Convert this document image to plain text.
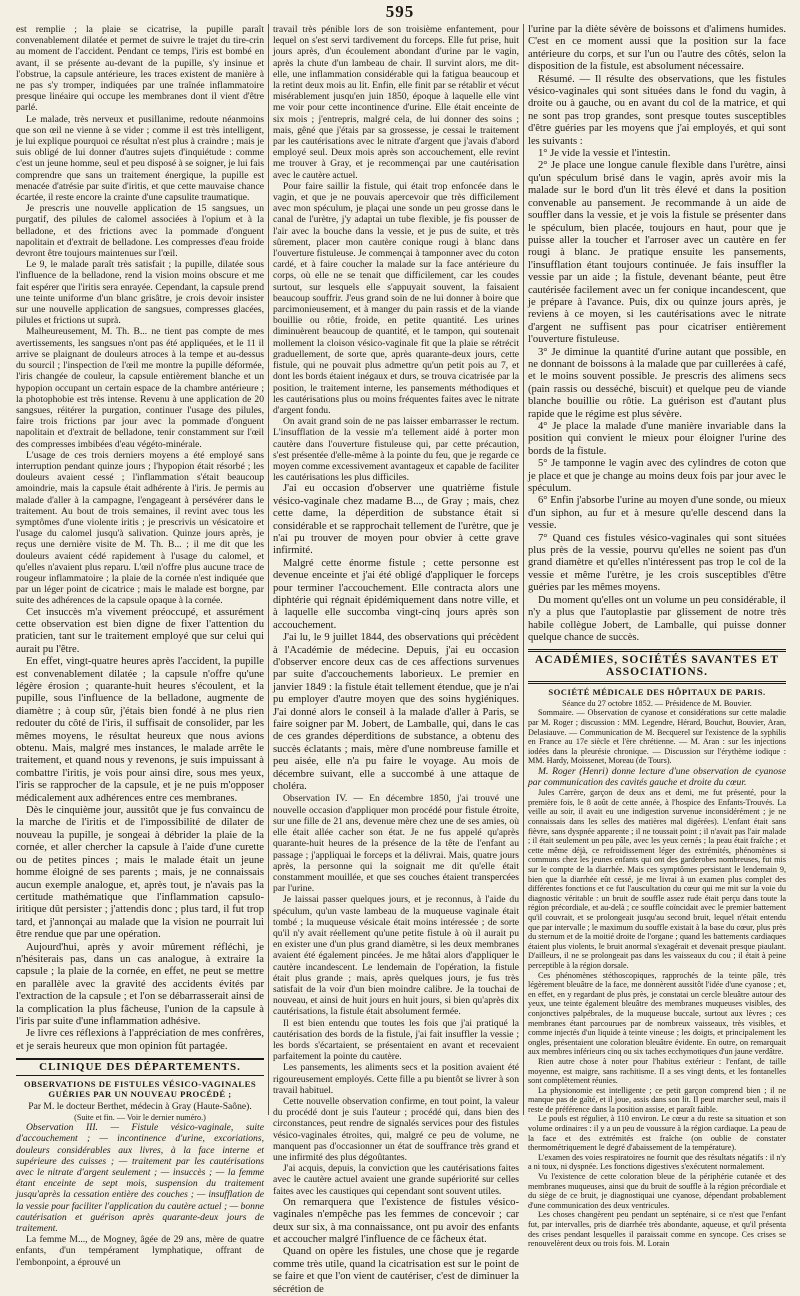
595

est remplie ; la plaie se cicatrise, la pupille paraît convenablement dilatée et permet de suivre le trajet du tire-crin au moment de l'accident. Pendant ce temps, l'iris est bombé en avant, il se présente au-devant de la pupille, s'y insinue et l'obstrue, la capsule antérieure, les traces existent de manière à ne pas s'y tromper, indiquées par une traînée inflammatoire presque linéaire qui occupe les membranes dont il vient d'être parlé.

Le malade, très nerveux et pusillanime, redoute néanmoins que son œil ne vienne à se vider ; comme il est très intelligent, je lui explique pourquoi ce résultat n'est plus à craindre ; mais je suis obligé de lui donner d'autres sujets d'inquiétude : comme c'est un jeune homme, seul et peu disposé à se soigner, je lui fais comprendre que sans un traitement énergique, la pupille est menacée d'atrésie par suite d'iritis, et que cette mauvaise chance écartée, il reste encore la crainte d'une capsulite traumatique.

Je prescris une nouvelle application de 15 sangsues, un purgatif, des pilules de calomel associées à l'opium et à la belladone, et des frictions avec la pommade d'onguent napolitain et d'extrait de belladone. Les compresses d'eau froide devront être toujours maintenues sur l'œil.

Le 9, le malade paraît très satisfait ; la pupille, dilatée sous l'influence de la belladone, rend la vision moins obscure et me fait espérer que l'iritis sera enrayée. Cependant, la capsule prend une teinte uniforme d'un blanc grisâtre, je crois devoir insister sur une nouvelle application de sangsues, compresses glacées, pilules et frictions ut suprà.

Malheureusement, M. Th. B... ne tient pas compte de mes avertissements, les sangsues n'ont pas été appliquées, et le 11 il arrive se plaignant de douleurs atroces à la tempe et au-dessus du sourcil ; l'inspection de l'œil me montre la pupille déformée, l'iris changée de couleur, la capsule entièrement blanche et un hypopion occupant un certain espace de la chambre antérieure ; la photophobie est très intense. Revenu à une application de 20 sangsues, réitérer la purgation, continuer l'usage des pilules, faire trois frictions par jour avec la pommade d'onguent napolitain et d'extrait de belladone, tenir constamment sur l'œil des compresses imbibées d'eau végéto-minérale.

L'usage de ces trois derniers moyens a été employé sans interruption pendant quinze jours ; l'hypopion était résorbé ; les douleurs avaient cessé ; l'inflammation s'était beaucoup amoindrie, mais la capsule était adhérente à l'iris. Je permis au malade d'aller à la campagne, l'engageant à persévérer dans le traitement. Au bout de trois semaines, il revint avec tous les symptômes d'une violente iritis ; je prescrivis un vésicatoire et l'usage du calomel jusqu'à salivation. Quinze jours après, je reçus une dernière visite de M. Th. B... ; il me dit que les douleurs avaient cédé rapidement à l'usage du calomel, et qu'elles n'avaient plus reparu. L'œil n'offre plus aucune trace de rougeur inflammatoire ; la plaie de la cornée n'est indiquée que par un léger point de cicatrice ; mais le malade est borgne, par suite des adhérences de la capsule opaque à la cornée.

Cet insuccès m'a vivement préoccupé, et assurément cette observation est bien digne de fixer l'attention du praticien, tant sur le traitement employé que sur celui qui aurait pu l'être.

En effet, vingt-quatre heures après l'accident, la pupille est convenablement dilatée ; la capsule n'offre qu'une légère érosion ; quarante-huit heures s'écoulent, et la pupille, sous l'influence de la belladone, augmente de diamètre ; à coup sûr, j'étais bien fondé à ne plus rien redouter du côté de l'iris, il suffisait de consolider, par les mêmes moyens, le résultat heureux que nous avions obtenu. Mais, malgré mes instances, le malade arrête le traitement, et quand nous y revenons, je suis impuissant à combattre l'iritis, je vois pour ainsi dire, sous mes yeux, l'iris se rapprocher de la capsule, et je ne puis m'opposer médicalement aux adhérences entre ces membranes.

Dès le cinquième jour, aussitôt que je fus convaincu de la marche de l'iritis et de l'impossibilité de dilater de nouveau la pupille, je songeai à débrider la plaie de la cornée, et aller chercher la capsule à l'aide d'une curette ou de petites pinces ; mais le malade était un jeune homme éloigné de ses parents ; mais, je ne connaissais aucun exemple analogue, et, après tout, je n'avais pas la certitude mathématique que l'inflammation capsulo-iritique dût persister ; j'attendis donc ; plus tard, il fut trop tard, et j'annonçai au malade que la vision ne pourrait lui être rendue que par une opération.

Aujourd'hui, après y avoir mûrement réfléchi, je n'hésiterais pas, dans un cas analogue, à extraire la capsule ; la plaie de la cornée, en effet, ne peut se mettre en parallèle avec la gravité des accidents évités par l'extraction de la capsule ; et l'on se débarrasserait ainsi de la complication la plus fâcheuse, l'union de la capsule à l'iris par suite d'une inflammation adhésive.

Je livre ces réflexions à l'appréciation de mes confrères, et je serais heureux que mon opinion fût partagée.

CLINIQUE DES DÉPARTEMENTS.
OBSERVATIONS DE FISTULES VÉSICO-VAGINALES GUÉRIES PAR UN NOUVEAU PROCÉDÉ ;

Par M. le docteur Berthet, médecin à Gray (Haute-Saône).

(Suite et fin. — Voir le dernier numéro.)

Observation III. — Fistule vésico-vaginale, suite d'accouchement ; — incontinence d'urine, excoriations, douleurs considérables aux livres, à la face interne et supérieure des cuisses ; — traitement par les cautérisations avec le nitrate d'argent seulement ; — insuccès ; — la femme étant enceinte de sept mois, suspension du traitement jusqu'après la cessation entière des couches ; — insufflation de la vessie pour faciliter l'application du cautère actuel ; — bonne cautérisation et guérison après quarante-deux jours de traitement.

La femme M..., de Mogney, âgée de 29 ans, mère de quatre enfants, d'un tempérament lymphatique, offrant de l'embonpoint, a éprouvé un

travail très pénible lors de son troisième enfantement, pour lequel on s'est servi tardivement du forceps. Elle fut prise, huit jours après, d'un écoulement abondant d'urine par le vagin, après la chute d'un lambeau de chair. Il survint alors, me dit-elle, une inflammation considérable qui la fatigua beaucoup et la retint deux mois au lit. Enfin, elle finit par se rétablir et vécut misérablement jusqu'en juin 1850, époque à laquelle elle vint me voir pour cette incontinence d'urine. Elle était enceinte de six mois ; j'entrepris, malgré cela, de lui donner des soins ; mais, gêné que j'étais par sa grossesse, je cessai le traitement par les cautérisations avec le nitrate d'argent que j'avais d'abord employé seul. Deux mois après son accouchement, elle revint me trouver à Gray, et je recommençai par une cautérisation avec le cautère actuel.

Pour faire saillir la fistule, qui était trop enfoncée dans le vagin, et que je ne pouvais apercevoir que très difficilement avec mon spéculum, je plaçai une sonde un peu grosse dans le canal de l'urètre, j'y adaptai un tube flexible, je fis pousser de l'air avec la bouche dans la vessie, et je pus de suite, et très sûrement, placer mon cautère conique rougi à blanc dans l'ouverture fistuleuse. Je commençai à tamponner avec du coton cardé, et à faire coucher la malade sur la face antérieure du corps, où elle ne se tenait que difficilement, car les coudes surtout, sur lesquels elle s'appuyait souvent, la faisaient beaucoup souffrir. J'eus grand soin de ne lui donner à boire que parcimonieusement, et à manger du pain rassis et de la viande bouillie ou rôtie, froide, en petite quantité. Les urines diminuèrent beaucoup de quantité, et le tampon, qui soutenait mollement la cloison vésico-vaginale fit que la plaie se rétrécit graduellement, de sorte que, après quarante-deux jours, cette fistule, qui ne pouvait plus admettre qu'un petit pois au 7, et dont les bords étaient inégaux et durs, se trouva cicatrisée par la position, le traitement interne, les pansements méthodiques et les cautérisations plus ou moins fréquentes faites avec le nitrate d'argent fondu.

On avait grand soin de ne pas laisser embarrasser le rectum. L'insufflation de la vessie m'a tellement aidé à porter mon cautère dans l'ouverture fistuleuse qui, par cette précaution, s'est présentée d'elle-même à la pointe du feu, que je regarde ce moyen comme excessivement avantageux et capable de faciliter les cautérisations les plus difficiles.

J'ai eu occasion d'observer une quatrième fistule vésico-vaginale chez madame B..., de Gray ; mais, chez cette dame, la déperdition de substance était si considérable et se rapprochait tellement de l'urètre, que je n'ai pu trouver de moyen pour obvier à cette grave infirmité.

Malgré cette énorme fistule ; cette personne est devenue enceinte et j'ai été obligé d'appliquer le forceps pour terminer l'accouchement. Elle contracta alors une diphtérie qui régnait épidémiquement dans notre ville, et à laquelle elle succomba vingt-cinq jours après son accouchement.

J'ai lu, le 9 juillet 1844, des observations qui précèdent à l'Académie de médecine. Depuis, j'ai eu occasion d'observer encore deux cas de ces affections survenues par suite d'accouchements laborieux. Le premier en janvier 1849 : la fistule était tellement étendue, que je n'ai pu employer d'autre moyen que des soins hygiéniques. J'ai donné alors le conseil à la malade d'aller à Paris, se faire soigner par M. Jobert, de Lamballe, qui, dans le cas de ces grandes déperditions de substance, a obtenu des succès éclatants ; mais, mère d'une nombreuse famille et peu aisée, elle n'a pu faire le voyage. Au mois de décembre suivant, elle a succombé à une attaque de choléra.

Observation IV. — En décembre 1850, j'ai trouvé une nouvelle occasion d'appliquer mon procédé pour fistule étroite, sur une fille de 21 ans, devenue mère chez une de ses amies, où elle était allée cacher son état. Je ne fus appelé qu'après quarante-huit heures de la présence de la tête de l'enfant au passage ; j'appliquai le forceps et la délivrai. Mais, quatre jours après, la personne qui la soignait me dit qu'elle était constamment mouillée, et que ses couches étaient transpercées par l'urine.

Je laissai passer quelques jours, et je reconnus, à l'aide du spéculum, qu'un vaste lambeau de la muqueuse vaginale était tombé ; la muqueuse vésicale était moins intéressée ; de sorte qu'il n'y avait réellement qu'une petite fistule à où il aurait pu en exister une d'un plus grand diamètre, si les deux membranes avaient été également pincées. Je me hâtai alors d'appliquer le cautère incandescent. Le lendemain de l'opération, la fistule était plus grande ; mais, après quelques jours, je fus très satisfait de la voir d'un bien moindre calibre. Je la touchai de nouveau, et ainsi de huit jours en huit jours, si bien qu'après dix cautérisations, la fistule était absolument fermée.

Il est bien entendu que toutes les fois que j'ai pratiqué la cautérisation des bords de la fistule, j'ai fait insuffler la vessie ; les bords s'écartaient, se présentaient en avant et recevaient parfaitement la pointe du cautère.

Les pansements, les aliments secs et la position avaient été rigoureusement employés. Cette fille a pu bientôt se livrer à son travail habituel.

Cette nouvelle observation confirme, en tout point, la valeur du procédé dont je suis l'auteur ; procédé qui, dans bien des circonstances, peut rendre de signalés services pour des fistules vésico-vaginales étroites, qui, malgré ce peu de volume, ne manquent pas d'occasionner un état de souffrance très grand et une infirmité des plus dégoûtantes.

J'ai acquis, depuis, la conviction que les cautérisations faites avec le cautère actuel avaient une grande supériorité sur celles faites avec les caustiques qui cependant sont souvent utiles.

On remarquera que l'existence de fistules vésico-vaginales n'empêche pas les femmes de concevoir ; car deux sur six, à ma connaissance, ont pu avoir des enfants et accoucher malgré l'influence de ce fâcheux état.

Quand on opère les fistules, une chose que je regarde comme très utile, quand la cicatrisation est sur le point de se faire et que l'on vient de cautériser, c'est de diminuer la sécrétion de

l'urine par la diète sévère de boissons et d'alimens humides. C'est en ce moment aussi que la position sur la face antérieure du corps, et sur l'un ou l'autre des côtés, selon la disposition de la fistule, est absolument nécessaire.

Résumé. — Il résulte des observations, que les fistules vésico-vaginales qui sont situées dans le fond du vagin, à droite ou à gauche, ou en avant du col de la matrice, et qui ne sont pas trop grandes, sont presque toutes susceptibles d'être guéries par les moyens que j'ai employés, et qui sont les suivants :

1° Je vide la vessie et l'intestin.

2° Je place une longue canule flexible dans l'urètre, ainsi qu'un spéculum brisé dans le vagin, après avoir mis la malade sur le bord d'un lit très élevé et dans la position convenable au pansement. Je recommande à un aide de souffler dans la vessie, et je vois la fistule se présenter dans le spéculum, bien placée, toujours en haut, pour que je puisse aller la toucher et l'arroser avec un cautère en fer rougi à blanc. Je pratique ensuite les pansements, l'insufflation étant toujours continuée. Je fais insuffler la vessie par un aide ; la fistule, devenant béante, peut être cautérisée facilement avec un fer conique incandescent, que je prépare à l'avance. Puis, dix ou quinze jours après, je reviens à ce moyen, si les cautérisations avec le nitrate d'argent ne suffisent pas pour cicatriser entièrement l'ouverture fistuleuse.

3° Je diminue la quantité d'urine autant que possible, en ne donnant de boissons à la malade que par cuillerées à café, et le moins souvent possible. Je prescris des alimens secs (pain rassis ou desséché, biscuit) et quelque peu de viande blanche bouillie ou rôtie. La guérison est d'autant plus rapide que le régime est plus sévère.

4° Je place la malade d'une manière invariable dans la position qui convient le mieux pour éloigner l'urine des bords de la fistule.

5° Je tamponne le vagin avec des cylindres de coton que je place et que je change au moins deux fois par jour avec le spéculum.

6° Enfin j'absorbe l'urine au moyen d'une sonde, ou mieux d'un siphon, au fur et à mesure qu'elle descend dans la vessie.

7° Quand ces fistules vésico-vaginales qui sont situées plus près de la vessie, pourvu qu'elles ne soient pas d'un grand diamètre et qu'elles n'intéressent pas trop le col de la vessie et même l'urètre, je les crois susceptibles d'être guéries par les mêmes moyens.

Du moment qu'elles ont un volume un peu considérable, il n'y a plus que l'autoplastie par glissement de notre très habile collègue Jobert, de Lamballe, qui puisse donner quelque chance de succès.

ACADÉMIES, SOCIÉTÉS SAVANTES ET ASSOCIATIONS.
SOCIÉTÉ MÉDICALE DES HÔPITAUX DE PARIS.

Séance du 27 octobre 1852. — Présidence de M. Bouvier.

Sommaire. — Observation de cyanose et considérations sur cette maladie par M. Roger ; discussion : MM. Legendre, Hérard, Bouchut, Bouvier, Aran, Delasiauve. — Communication de M. Becquerel sur l'existence de la syphilis en France au 17e siècle et l'ère chrétienne. — M. Aran : sur les injections iodées dans la pleurésie chronique. — Discussion sur l'érythème iodique : MM. Hardy, Moissenet, Moreau (de Tours).

M. Roger (Henri) donne lecture d'une observation de cyanose par communication des cavités gauche et droite du cœur.

Jules Carrère, garçon de deux ans et demi, me fut présenté, pour la première fois, le 8 août de cette année, à l'hospice des Enfants-Trouvés. La veille au soir, il avait eu une indigestion survenue inconsidérément ; je ne connaissais dans les selles des matières mal digérées). L'enfant était sans fièvre, sans dyspnée apparente ; il ne toussait point ; il n'avait pas l'air malade ; il était seulement un peu pâle, avec les yeux cernés ; la peau était fraîche ; et cette même déjà, ce refroidissement léger des extrémités, phénomènes si communs chez les jeunes enfants qui ont des garderobes nombreuses, fut mis sur le compte de la diarrhée. Mais ces symptômes persistant le lendemain 9, bien que la diarrhée eût cessé, je me livrai à un examen plus complet des différentes fonctions et ce fut l'auscultation du cœur qui me mit sur la voie du diagnostic véritable : un bruit de souffle assez rude était perçu dans toute la région précordiale, et au-delà ; ce souffle coïncidait avec le premier battement qu'il couvrait, et se prolongeait jusqu'au second bruit, lequel n'était entendu que par intervalle ; le maximum du souffle existait à la base du cœur, plus près du sternum et de la moitié droite de l'organe ; quand les battements cardiaques étaient plus violents, le bruit anormal s'exagérait et devenait presque piaulant. D'ailleurs, il ne se prolongeait pas dans les vaisseaux du cou ; il était à peine perceptible à la région dorsale.

Ces phénomènes stéthoscopiques, rapprochés de la teinte pâle, très légèrement bleuâtre de la face, me donnèrent aussitôt l'idée d'une cyanose ; et, en effet, en y regardant de plus près, je constatai un cercle bleuâtre autour des yeux, une teinte également bleuâtre des membranes muqueuses visibles, des conjonctives palpébrales, de la muqueuse buccale, surtout aux lèvres ; ces membranes étant parcourues par de nombreux vaisseaux, très visibles, et comme injectés d'un liquide à teinte vineuse ; les doigts, et principalement les ongles, présentaient une coloration bleuâtre évidente. En outre, on remarquait aux membres inférieurs cinq ou six taches ecchymotiques d'un jaune verdâtre.

Rien autre chose à noter pour l'habitus extérieur : l'enfant, de taille moyenne, est maigre, sans rachitisme. Il a ses vingt dents, et les fontanelles sont complètement réunies.

La physionomie est intelligente ; ce petit garçon comprend bien ; il ne manque pas de gaîté, et il joue, assis dans son lit. Il peut marcher seul, mais il reste de préférence dans la position assise, et paraît faible.

Le pouls est régulier, à 110 environ. Le cœur a du reste sa situation et son volume ordinaires : il y a un peu de voussure à la région cardiaque. La peau de la face et des extrémités est fraîche (on oublie de constater thermométriquement le degré d'abaissement de la température).

L'examen des voies respiratoires ne fournit que des résultats négatifs : il n'y a ni toux, ni dyspnée. Les fonctions digestives s'exécutent normalement.

Vu l'existence de cette coloration bleue de la périphérie cutanée et des membranes muqueuses, ainsi que du bruit de souffle à la région précordiale et du siège de ce bruit, je diagnostiquai une cyanose, dépendant probablement d'une communication des deux ventricules.

Les choses changèrent peu pendant un septénaire, si ce n'est que l'enfant fut, par intervalles, pris de diarrhée très abondante, aqueuse, et qu'il présenta des crises pendant lesquelles il paraissait comme en syncope. Ces crises se renouvelèrent deux ou trois fois. M. Lorain
